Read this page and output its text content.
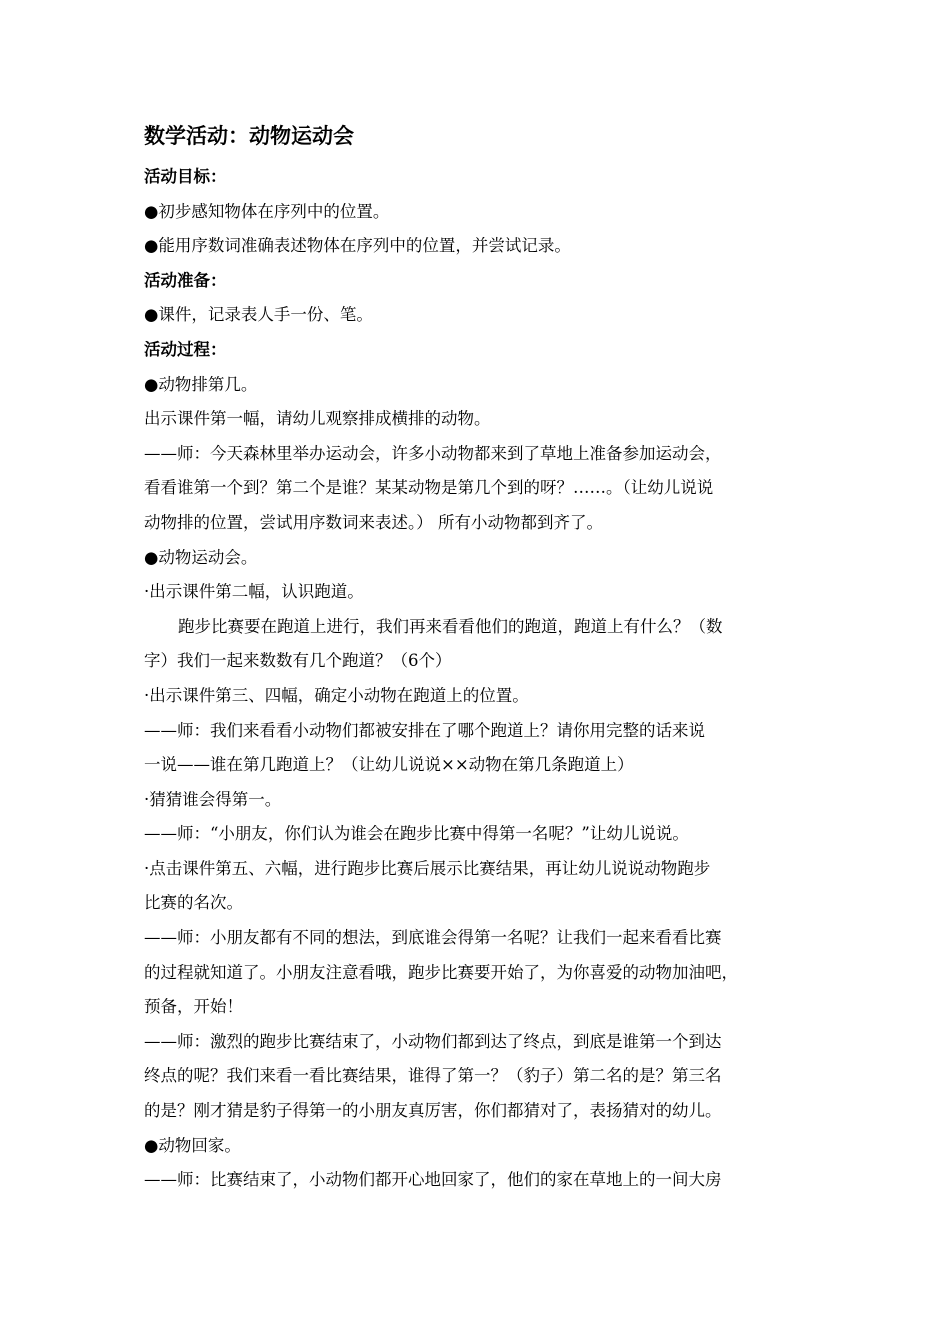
数学活动：动物运动会

活动目标：

●初步感知物体在序列中的位置。

●能用序数词准确表述物体在序列中的位置，并尝试记录。

活动准备：

●课件，记录表人手一份、笔。

活动过程：

●动物排第几。

出示课件第一幅，请幼儿观察排成横排的动物。

——师：今天森林里举办运动会，许多小动物都来到了草地上准备参加运动会，

看看谁第一个到？第二个是谁？某某动物是第几个到的呀？……。（让幼儿说说

动物排的位置，尝试用序数词来表述。） 所有小动物都到齐了。

●动物运动会。

·出示课件第二幅，认识跑道。

跑步比赛要在跑道上进行，我们再来看看他们的跑道，跑道上有什么？（数

字）我们一起来数数有几个跑道？（6个）

·出示课件第三、四幅，确定小动物在跑道上的位置。

——师：我们来看看小动物们都被安排在了哪个跑道上？请你用完整的话来说

一说——谁在第几跑道上？（让幼儿说说××动物在第几条跑道上）

·猜猜谁会得第一。

——师：“小朋友，你们认为谁会在跑步比赛中得第一名呢？”让幼儿说说。

·点击课件第五、六幅，进行跑步比赛后展示比赛结果，再让幼儿说说动物跑步

比赛的名次。

——师：小朋友都有不同的想法，到底谁会得第一名呢？让我们一起来看看比赛

的过程就知道了。小朋友注意看哦，跑步比赛要开始了，为你喜爱的动物加油吧，

预备，开始！

——师：激烈的跑步比赛结束了，小动物们都到达了终点，到底是谁第一个到达

终点的呢？我们来看一看比赛结果，谁得了第一？（豹子）第二名的是？第三名

的是？刚才猜是豹子得第一的小朋友真厉害，你们都猜对了，表扬猜对的幼儿。

●动物回家。

——师：比赛结束了，小动物们都开心地回家了，他们的家在草地上的一间大房
